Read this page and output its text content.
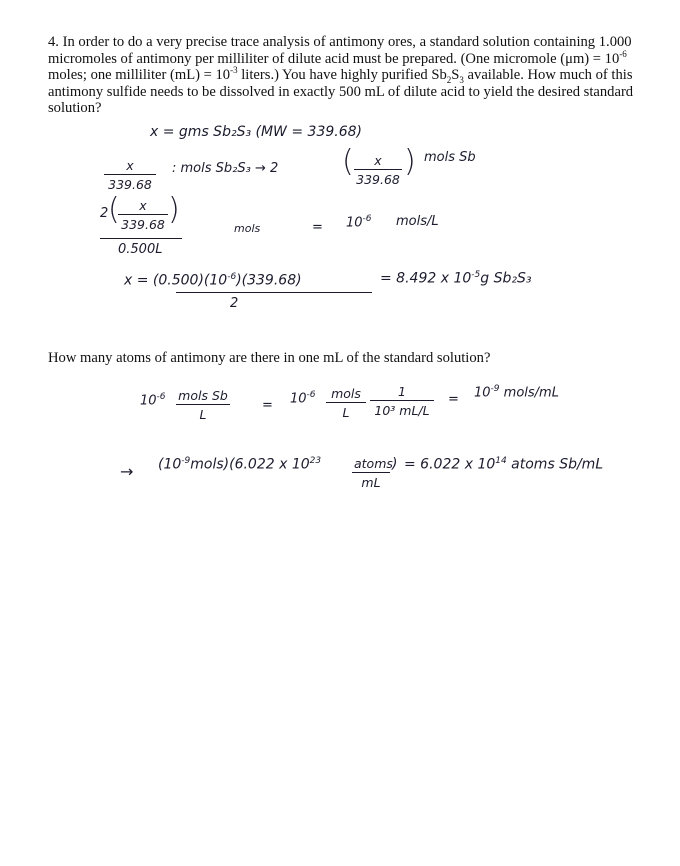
4. In order to do a very precise trace analysis of antimony ores, a standard solution containing 1.000 micromoles of antimony per milliliter of dilute acid must be prepared. (One micromole $(\mu m) = 10^{-6}$ moles; one milliliter $(mL) = 10^{-3}$ liters.) You have highly purified $Sb_2S_3$ available. How much of this antimony sulfide needs to be dissolved in exactly 500 mL of dilute acid to yield the desired standard solution?

x = gms Sb₂S₃ (MW = 339.68)
$\frac{x}{339.68}$ : mols Sb₂S₃ → 2 ( $\frac{x}{339.68}$ ) mols Sb
2 (
$\frac{x}{339.68}$ )
0.500L
mols	= $10^{-6}$ mols/L
$x = (0.500)(10^{-6})(339.68)$
2
= 8.492 x $10^{-5}g$ Sb₂S₃

How many atoms of antimony are there in one mL of the standard solution?

$10^{-6}$ mols Sb
L
= $10^{-6}$	mols
L	$\frac{1}{\text{10³ mL/L}} = 10^{-9}$ mols/mL
→ $(10^{-9}mols)(6.022$ x $10^{23}$	atoms
mL
) = 6.022 x $10^{14}$ atoms Sb/mL
